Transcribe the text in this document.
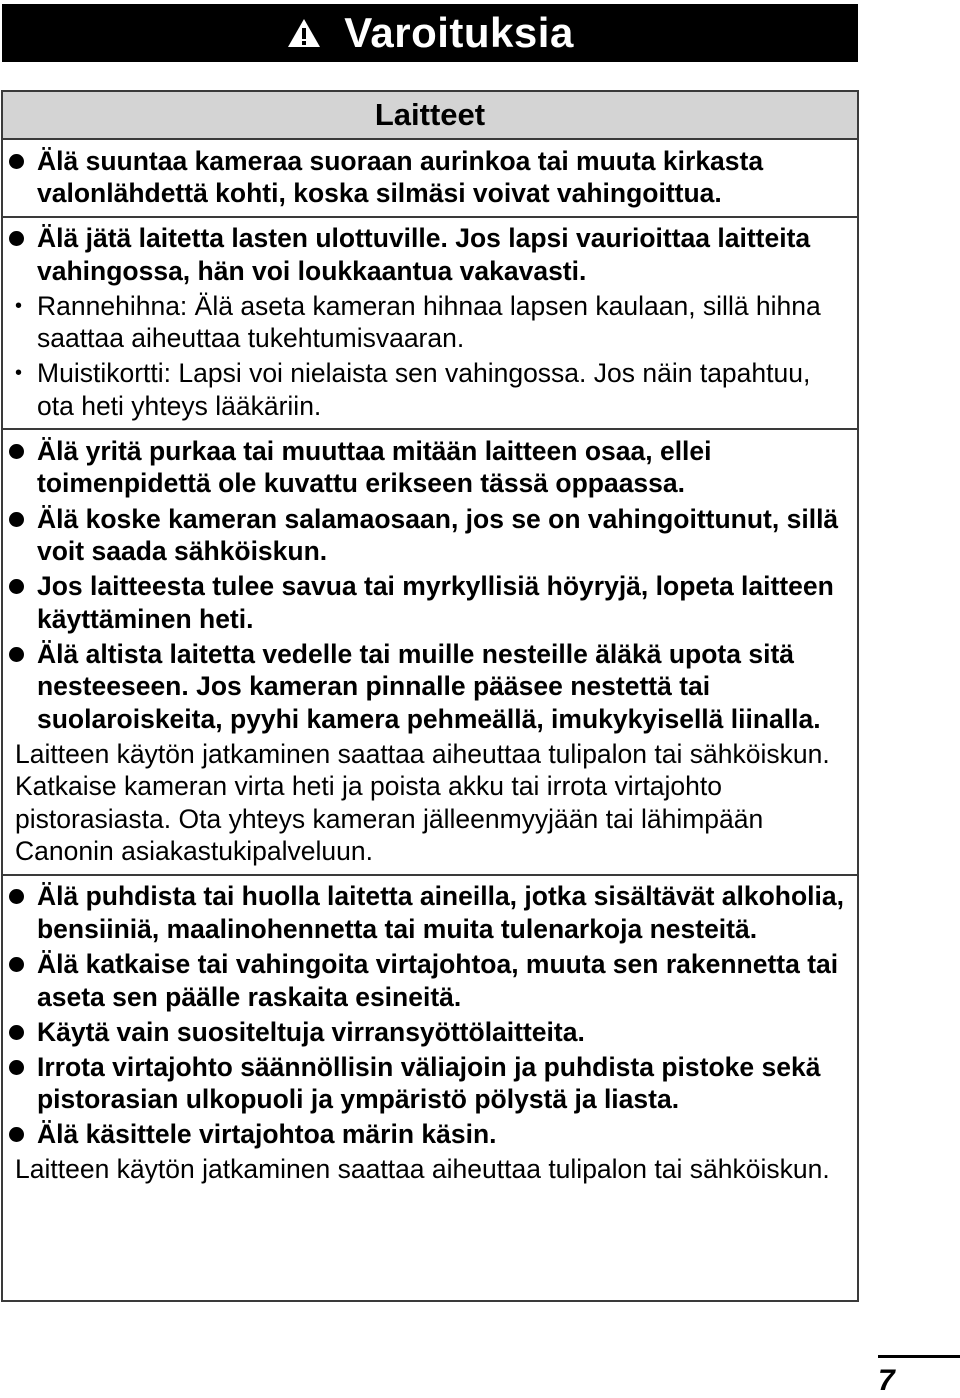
Varoituksia
Laitteet
Älä suuntaa kameraa suoraan aurinkoa tai muuta kirkasta valonlähdettä kohti, koska silmäsi voivat vahingoittua.
Älä jätä laitetta lasten ulottuville. Jos lapsi vaurioittaa laitteita vahingossa, hän voi loukkaantua vakavasti.
• Rannehihna: Älä aseta kameran hihnaa lapsen kaulaan, sillä hihna saattaa aiheuttaa tukehtumisvaaran.
• Muistikortti: Lapsi voi nielaista sen vahingossa. Jos näin tapahtuu, ota heti yhteys lääkäriin.
Älä yritä purkaa tai muuttaa mitään laitteen osaa, ellei toimenpidettä ole kuvattu erikseen tässä oppaassa.
Älä koske kameran salamaosaan, jos se on vahingoittunut, sillä voit saada sähköiskun.
Jos laitteesta tulee savua tai myrkyllisiä höyryjä, lopeta laitteen käyttäminen heti.
Älä altista laitetta vedelle tai muille nesteille äläkä upota sitä nesteeseen. Jos kameran pinnalle pääsee nestettä tai suolaroiskeita, pyyhi kamera pehmeällä, imukykyisellä liinalla.
Laitteen käytön jatkaminen saattaa aiheuttaa tulipalon tai sähköiskun. Katkaise kameran virta heti ja poista akku tai irrota virtajohto pistorasiasta. Ota yhteys kameran jälleenmyyjään tai lähimpään Canonin asiakastukipalveluun.
Älä puhdista tai huolla laitetta aineilla, jotka sisältävät alkoholia, bensiiniä, maalinohennetta tai muita tulenarkoja nesteitä.
Älä katkaise tai vahingoita virtajohtoa, muuta sen rakennetta tai aseta sen päälle raskaita esineitä.
Käytä vain suositeltuja virransyöttölaitteita.
Irrota virtajohto säännöllisin väliajoin ja puhdista pistoke sekä pistorasian ulkopuoli ja ympäristö pölystä ja liasta.
Älä käsittele virtajohtoa märin käsin.
Laitteen käytön jatkaminen saattaa aiheuttaa tulipalon tai sähköiskun.
7
